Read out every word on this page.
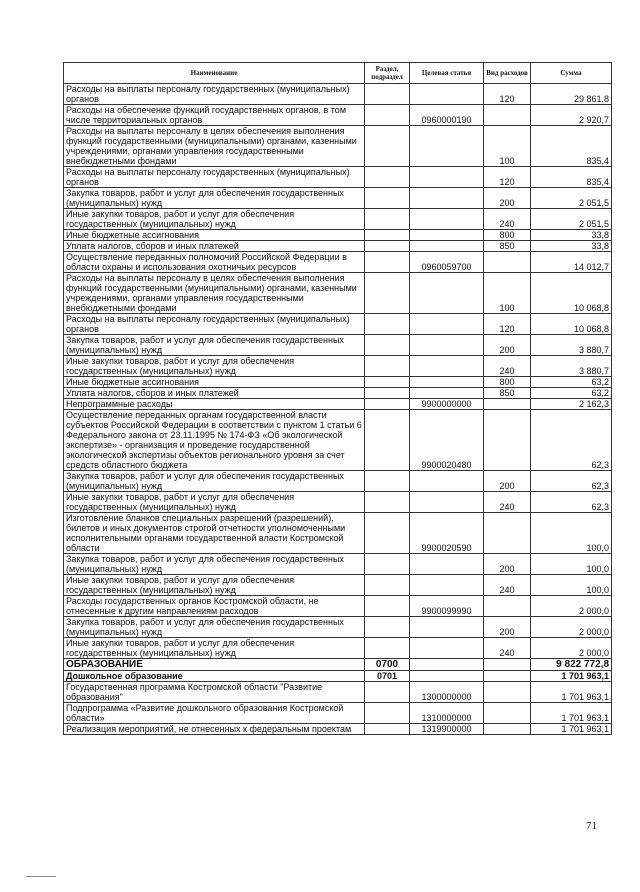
Наименование	Раздел, подраздел	Целевая статья	Вид расходов	Сумма
Расходы на выплаты персоналу государственных (муниципальных) органов			120	29 861,8
Расходы на обеспечение функций государственных органов, в том числе территориальных органов		0960000190		2 920,7
Расходы на выплаты персоналу в целях обеспечения выполнения функций государственными (муниципальными) органами, казенными учреждениями, органами управления государственными внебюджетными фондами			100	835,4
Расходы на выплаты персоналу государственных (муниципальных) органов			120	835,4
Закупка товаров, работ и услуг для обеспечения государственных (муниципальных) нужд			200	2 051,5
Иные закупки товаров, работ и услуг для обеспечения государственных (муниципальных) нужд			240	2 051,5
Иные бюджетные ассигнования			800	33,8
Уплата налогов, сборов и иных платежей			850	33,8
Осуществление переданных полномочий Российской Федерации в области охраны и использования охотничьих ресурсов		0960059700		14 012,7
Расходы на выплаты персоналу в целях обеспечения выполнения функций государственными (муниципальными) органами, казенными учреждениями, органами управления государственными внебюджетными фондами			100	10 068,8
Расходы на выплаты персоналу государственных (муниципальных) органов			120	10 068,8
Закупка товаров, работ и услуг для обеспечения государственных (муниципальных) нужд			200	3 880,7
Иные закупки товаров, работ и услуг для обеспечения государственных (муниципальных) нужд			240	3 880,7
Иные бюджетные ассигнования			800	63,2
Уплата налогов, сборов и иных платежей			850	63,2
Непрограммные расходы		9900000000		2 162,3
Осуществление переданных органам государственной власти субъектов Российской Федерации в соответствии с пунктом 1 статьи 6 Федерального закона от 23.11.1995 № 174-ФЗ «Об экологической экспертизе» - организация и проведение государственной экологической экспертизы объектов регионального уровня за счет средств областного бюджета		9900020480		62,3
Закупка товаров, работ и услуг для обеспечения государственных (муниципальных) нужд			200	62,3
Иные закупки товаров, работ и услуг для обеспечения государственных (муниципальных) нужд			240	62,3
Изготовление бланков специальных разрешений (разрешений), билетов и иных документов строгой отчетности уполномоченными исполнительными органами государственной власти Костромской области		9900020590		100,0
Закупка товаров, работ и услуг для обеспечения государственных (муниципальных) нужд			200	100,0
Иные закупки товаров, работ и услуг для обеспечения государственных (муниципальных) нужд			240	100,0
Расходы государственных органов Костромской области, не отнесенные к другим направлениям расходов		9900099990		2 000,0
Закупка товаров, работ и услуг для обеспечения государственных (муниципальных) нужд			200	2 000,0
Иные закупки товаров, работ и услуг для обеспечения государственных (муниципальных) нужд			240	2 000,0
ОБРАЗОВАНИЕ	0700			9 822 772,8
Дошкольное образование	0701			1 701 963,1
Государственная программа Костромской области "Развитие образования"		1300000000		1 701 963,1
Подпрограмма «Развитие дошкольного образования Костромской области»		1310000000		1 701 963,1
Реализация мероприятий, не отнесенных к федеральным проектам		1319900000		1 701 963,1
71
